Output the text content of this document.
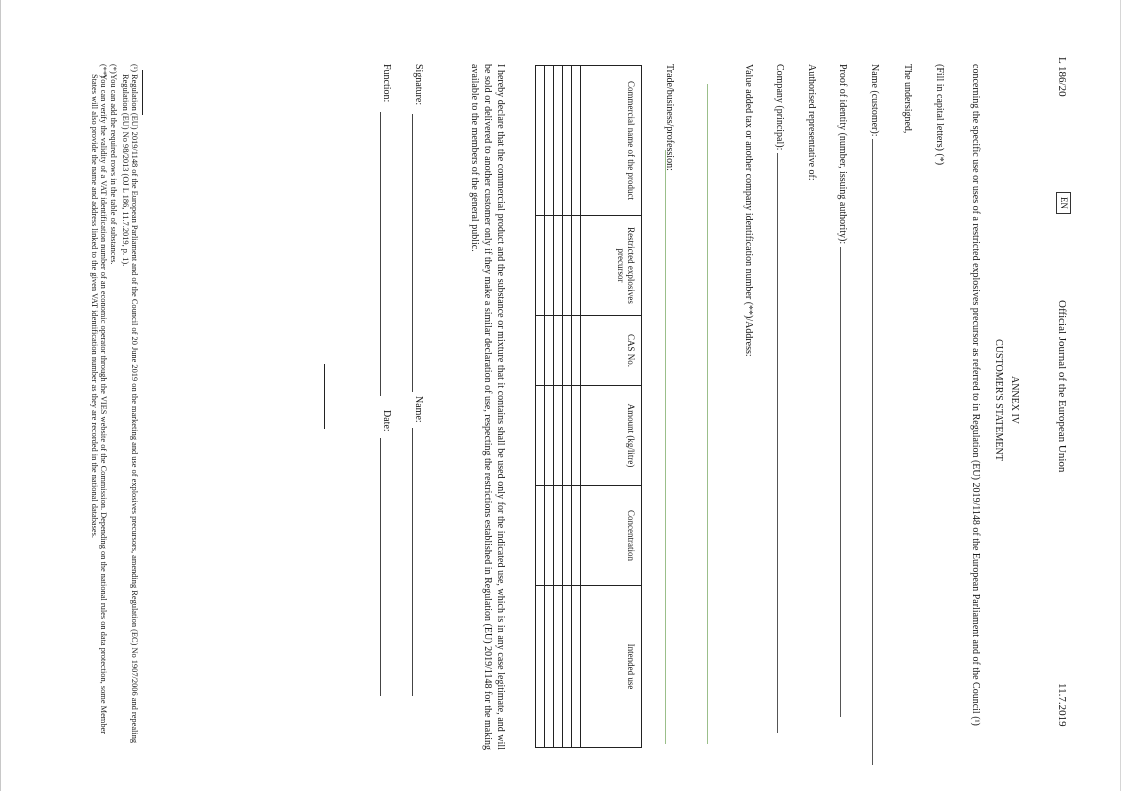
L 186/20
EN
Official Journal of the European Union
11.7.2019
ANNEX IV
CUSTOMER'S STATEMENT
concerning the specific use or uses of a restricted explosives precursor as referred to in Regulation (EU) 2019/1148 of the European Parliament and of the Council (¹)
(Fill in capital letters) (*)
The undersigned,
Name (customer):
Proof of identity (number, issuing authority):
Authorised representative of:
Company (principal):
Value added tax or another company identification number (**)/Address:
Trade/business/profession:
Commercial name of the product	Restricted explosives precursor	CAS No.	Amount (kg/litre)	Concentration	Intended use

I hereby declare that the commercial product and the substance or mixture that it contains shall be used only for the indicated use, which is in any case legitimate, and will be sold or delivered to another customer only if they make a similar declaration of use, respecting the restrictions established in Regulation (EU) 2019/1148 for the making available to the members of the general public.
Signature:
Name:
Function:
Date:
(¹)
Regulation (EU) 2019/1148 of the European Parliament and of the Council of 20 June 2019 on the marketing and use of explosives precursors, amending Regulation (EC) No 1907/2006 and repealing Regulation (EU) No 98/2013 (OJ L 186, 11.7.2019, p. 1).
(*)
You can add the required rows in the table of substances.
(**)
You can verify the validity of a VAT identification number of an economic operator through the VIES website of the Commission. Depending on the national rules on data protection, some Member States will also provide the name and address linked to the given VAT identification number as they are recorded in the national databases.
